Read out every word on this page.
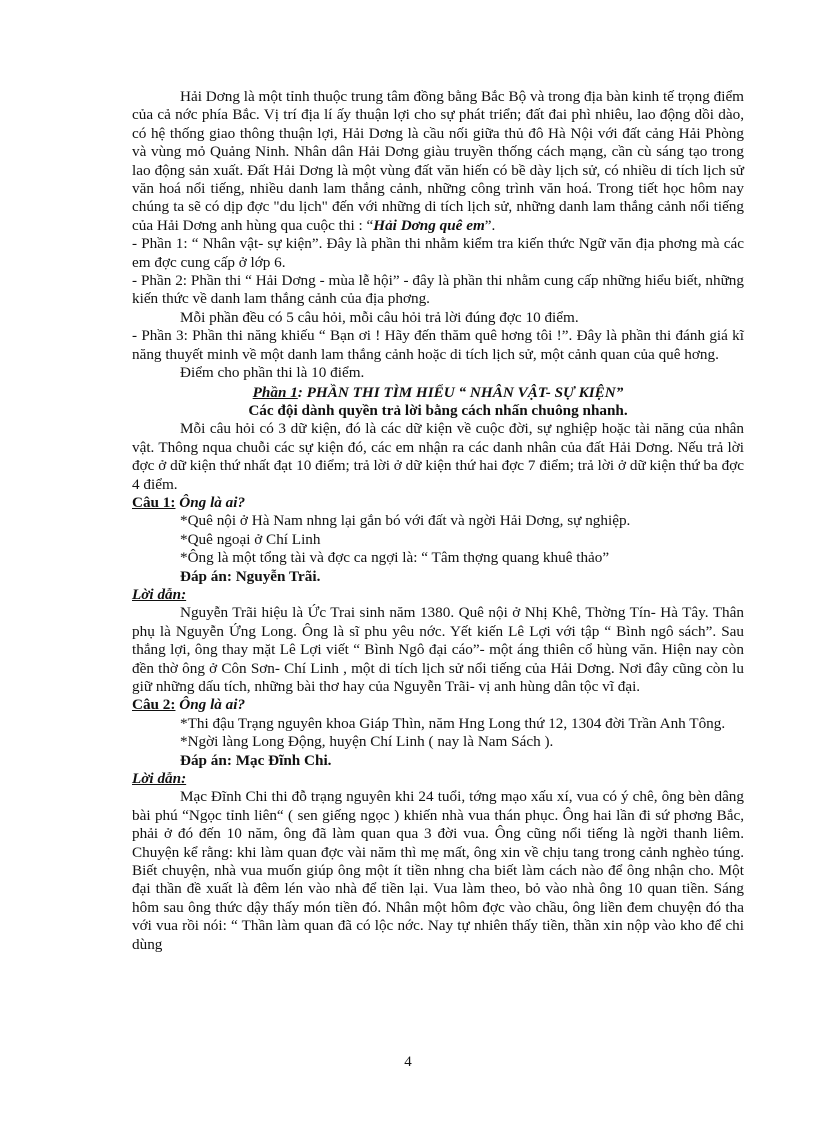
Hải Dơng là một tỉnh thuộc trung tâm đồng bằng Bắc Bộ và trong địa bàn kinh tế trọng điểm của cả nớc phía Bắc. Vị trí địa lí ấy thuận lợi cho sự phát triển; đất đai phì nhiêu, lao động dồi dào, có hệ thống giao thông thuận lợi, Hải Dơng là cầu nối giữa thủ đô Hà Nội với đất cảng Hải Phòng và vùng mỏ Quảng Ninh. Nhân dân Hải Dơng giàu truyền thống cách mạng, cần cù sáng tạo trong lao động sản xuất. Đất Hải Dơng là một vùng đất văn hiến có bề dày lịch sử, có nhiều di tích lịch sử văn hoá nổi tiếng, nhiều danh lam thắng cảnh, những công trình văn hoá. Trong tiết học hôm nay chúng ta sẽ có dịp đợc "du lịch" đến với những di tích lịch sử, những danh lam thắng cảnh nổi tiếng của Hải Dơng anh hùng qua cuộc thi : “Hải Dơng quê em”.

- Phần 1: “ Nhân vật- sự kiện”. Đây là phần thi nhằm kiểm tra kiến thức Ngữ văn địa phơng mà các em đợc cung cấp ở lớp 6.

- Phần 2: Phần thi “ Hải Dơng - mùa lễ hội” - đây là phần thi nhằm cung cấp những hiểu biết, những kiến thức về danh lam thắng cảnh của địa phơng.

Mỗi phần đều có 5 câu hỏi, mỗi câu hỏi trả lời đúng đợc 10 điểm.

- Phần 3: Phần thi năng khiếu “ Bạn ơi ! Hãy đến thăm quê hơng tôi !”. Đây là phần thi đánh giá kĩ năng thuyết minh về một danh lam thắng cảnh hoặc di tích lịch sử, một cảnh quan của quê hơng.

Điểm cho phần thi là 10 điểm.

Phần 1: PHẦN THI TÌM HIỂU “ NHÂN VẬT- SỰ KIỆN”

Các đội dành quyền trả lời bằng cách nhấn chuông nhanh.

Mỗi câu hỏi có 3 dữ kiện, đó là các dữ kiện về cuộc đời, sự nghiệp hoặc tài năng của nhân vật. Thông nqua chuỗi các sự kiện đó, các em nhận ra các danh nhân của đất Hải Dơng. Nếu trả lời đợc ở dữ kiện thứ nhất đạt 10 điểm; trả lời ở dữ kiện thứ hai đợc 7 điểm; trả lời ở dữ kiện thứ ba đợc 4 điểm.

Câu 1: Ông là ai?

*Quê nội ở Hà Nam nhng lại gắn bó với đất và ngời Hải Dơng, sự nghiệp.

*Quê ngoại ở Chí Linh

*Ông là một tổng tài và đợc ca ngợi là: “ Tâm thợng quang khuê thảo”

Đáp án: Nguyễn Trãi.

Lời dẫn:

Nguyễn Trãi hiệu là Ức Trai sinh năm 1380. Quê nội ở Nhị Khê, Thờng Tín- Hà Tây. Thân phụ là Nguyễn Ứng Long. Ông là sĩ phu yêu nớc. Yết kiến Lê Lợi với tập “ Bình ngô sách”. Sau thắng lợi, ông thay mặt Lê Lợi viết “ Bình Ngô đại cáo”- một áng thiên cổ hùng văn. Hiện nay còn đền thờ ông ở Côn Sơn- Chí Linh , một di tích lịch sử nổi tiếng của Hải Dơng. Nơi đây cũng còn lu giữ những dấu tích, những bài thơ hay của Nguyễn Trãi- vị anh hùng dân tộc vĩ đại.

Câu 2: Ông là ai?

*Thi đậu Trạng nguyên khoa Giáp Thìn, năm Hng Long thứ 12, 1304 đời Trần Anh Tông.

*Ngời làng Long Động, huyện Chí Linh ( nay là Nam Sách ).

Đáp án: Mạc Đĩnh Chi.

Lời dẫn:

Mạc Đĩnh Chi thi đỗ trạng nguyên khi 24 tuổi, tớng mạo xấu xí, vua có ý chê, ông bèn dâng bài phú “Ngọc tỉnh liên“ ( sen giếng ngọc ) khiến nhà vua thán phục. Ông hai lần đi sứ phơng Bắc, phải ở đó đến 10 năm, ông đã làm quan qua 3 đời vua. Ông cũng nổi tiếng là ngời thanh liêm. Chuyện kể rằng: khi làm quan đợc vài năm thì mẹ mất, ông xin về chịu tang trong cảnh nghèo túng. Biết chuyện, nhà vua muốn giúp ông một ít tiền nhng cha biết làm cách nào để ông nhận cho. Một đại thần đề xuất là đêm lén vào nhà để tiền lại. Vua làm theo, bỏ vào nhà ông 10 quan tiền. Sáng hôm sau ông thức dậy thấy món tiền đó. Nhân một hôm đợc vào chầu, ông liền đem chuyện đó tha với vua rồi nói: “ Thần làm quan đã có lộc nớc. Nay tự nhiên thấy tiền, thần xin nộp vào kho để chi dùng

4
